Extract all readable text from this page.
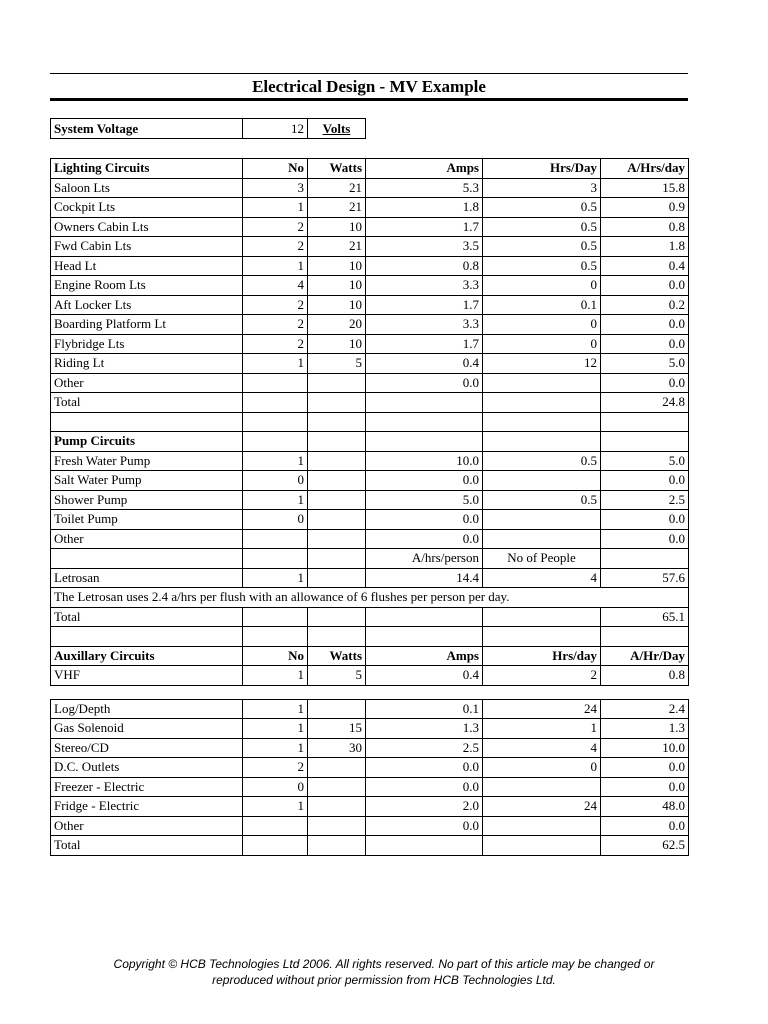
Electrical Design - MV Example
System Voltage	12	Volts
Lighting Circuits	No	Watts	Amps	Hrs/Day	A/Hrs/day
Saloon Lts	3	21	5.3	3	15.8
Cockpit Lts	1	21	1.8	0.5	0.9
Owners Cabin Lts	2	10	1.7	0.5	0.8
Fwd Cabin Lts	2	21	3.5	0.5	1.8
Head Lt	1	10	0.8	0.5	0.4
Engine Room Lts	4	10	3.3	0	0.0
Aft Locker Lts	2	10	1.7	0.1	0.2
Boarding Platform Lt	2	20	3.3	0	0.0
Flybridge Lts	2	10	1.7	0	0.0
Riding Lt	1	5	0.4	12	5.0
Other			0.0		0.0
Total					24.8

Pump Circuits					
Fresh Water Pump	1		10.0	0.5	5.0
Salt Water Pump	0		0.0		0.0
Shower Pump	1		5.0	0.5	2.5
Toilet Pump	0		0.0		0.0
Other			0.0		0.0
			A/hrs/person	No of People	
Letrosan	1		14.4	4	57.6
The Letrosan uses 2.4 a/hrs per flush with an allowance of 6 flushes per person per day.					
Total					65.1

Auxillary Circuits	No	Watts	Amps	Hrs/day	A/Hr/Day
VHF	1	5	0.4	2	0.8

Log/Depth	1		0.1	24	2.4
Gas Solenoid	1	15	1.3	1	1.3
Stereo/CD	1	30	2.5	4	10.0
D.C. Outlets	2		0.0	0	0.0
Freezer - Electric	0		0.0		0.0
Fridge - Electric	1		2.0	24	48.0
Other			0.0		0.0
Total					62.5
Copyright © HCB Technologies Ltd 2006. All rights reserved. No part of this article may be changed or
reproduced without prior permission from HCB Technologies Ltd.
